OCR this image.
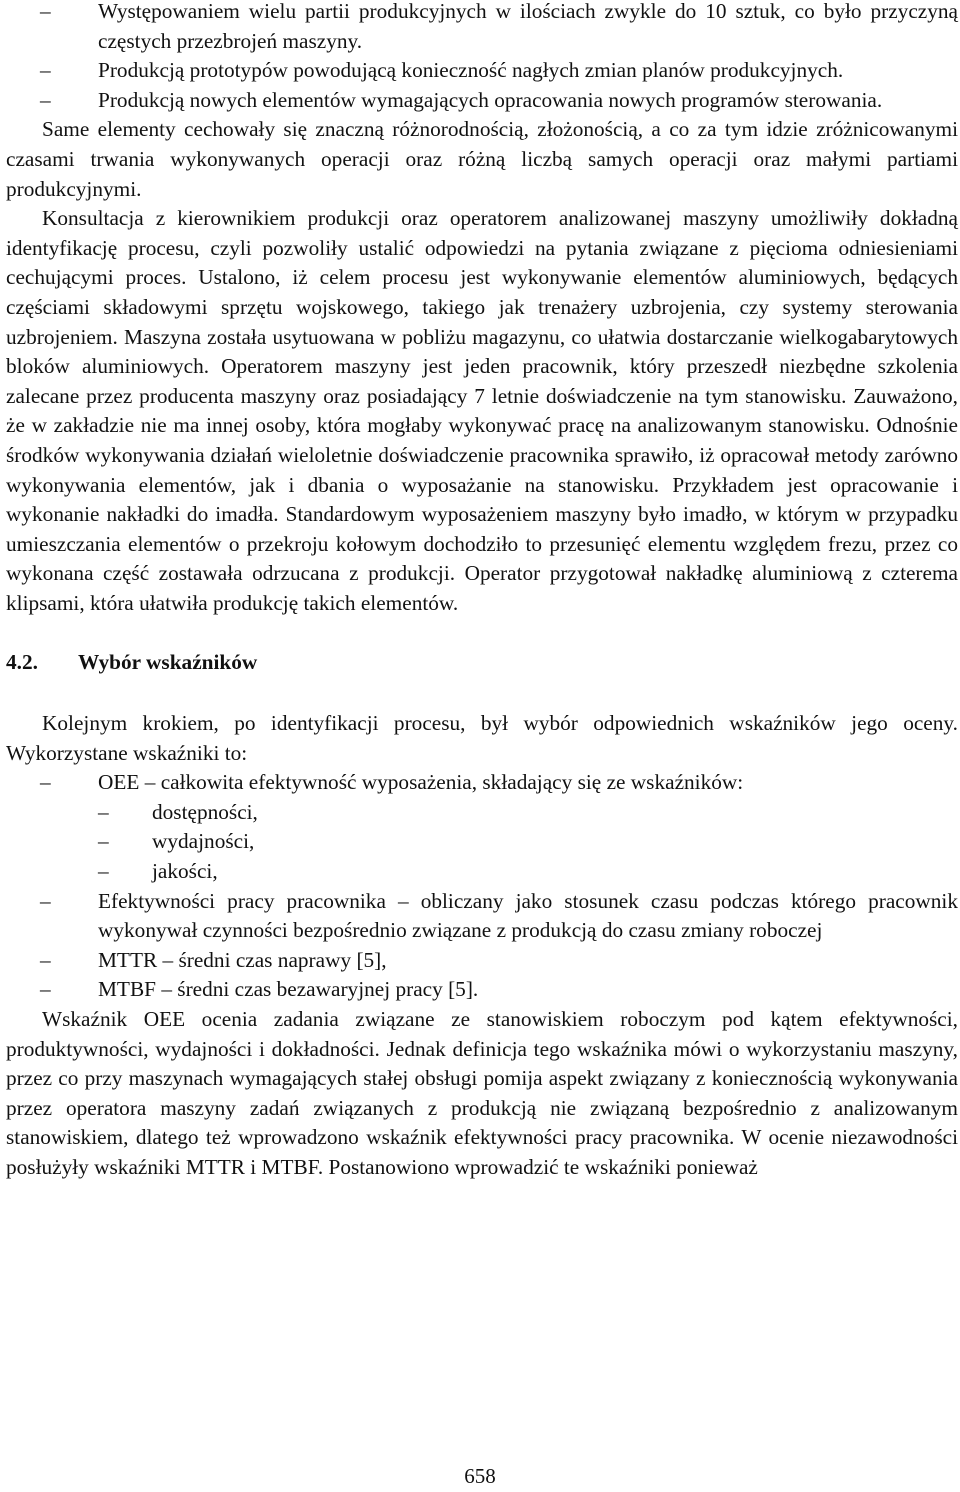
– Występowaniem wielu partii produkcyjnych w ilościach zwykle do 10 sztuk, co było przyczyną częstych przezbrojeń maszyny.
– Produkcją prototypów powodującą konieczność nagłych zmian planów produkcyjnych.
– Produkcją nowych elementów wymagających opracowania nowych programów sterowania.

Same elementy cechowały się znaczną różnorodnością, złożonością, a co za tym idzie zróżnicowanymi czasami trwania wykonywanych operacji oraz różną liczbą samych operacji oraz małymi partiami produkcyjnymi.

Konsultacja z kierownikiem produkcji oraz operatorem analizowanej maszyny umożliwiły dokładną identyfikację procesu, czyli pozwoliły ustalić odpowiedzi na pytania związane z pięcioma odniesieniami cechującymi proces. Ustalono, iż celem procesu jest wykonywanie elementów aluminiowych, będących częściami składowymi sprzętu wojskowego, takiego jak trenażery uzbrojenia, czy systemy sterowania uzbrojeniem. Maszyna została usytuowana w pobliżu magazynu, co ułatwia dostarczanie wielkogabarytowych bloków aluminiowych. Operatorem maszyny jest jeden pracownik, który przeszedł niezbędne szkolenia zalecane przez producenta maszyny oraz posiadający 7 letnie doświadczenie na tym stanowisku. Zauważono, że w zakładzie nie ma innej osoby, która mogłaby wykonywać pracę na analizowanym stanowisku. Odnośnie środków wykonywania działań wieloletnie doświadczenie pracownika sprawiło, iż opracował metody zarówno wykonywania elementów, jak i dbania o wyposażanie na stanowisku. Przykładem jest opracowanie i wykonanie nakładki do imadła. Standardowym wyposażeniem maszyny było imadło, w którym w przypadku umieszczania elementów o przekroju kołowym dochodziło to przesunięć elementu względem frezu, przez co wykonana część zostawała odrzucana z produkcji. Operator przygotował nakładkę aluminiową z czterema klipsami, która ułatwiła produkcję takich elementów.

4.2. Wybór wskaźników

Kolejnym krokiem, po identyfikacji procesu, był wybór odpowiednich wskaźników jego oceny. Wykorzystane wskaźniki to:

– OEE – całkowita efektywność wyposażenia, składający się ze wskaźników:
– dostępności,
– wydajności,
– jakości,
– Efektywności pracy pracownika – obliczany jako stosunek czasu podczas którego pracownik wykonywał czynności bezpośrednio związane z produkcją do czasu zmiany roboczej
– MTTR – średni czas naprawy [5],
– MTBF – średni czas bezawaryjnej pracy [5].

Wskaźnik OEE ocenia zadania związane ze stanowiskiem roboczym pod kątem efektywności, produktywności, wydajności i dokładności. Jednak definicja tego wskaźnika mówi o wykorzystaniu maszyny, przez co przy maszynach wymagających stałej obsługi pomija aspekt związany z koniecznością wykonywania przez operatora maszyny zadań związanych z produkcją nie związaną bezpośrednio z analizowanym stanowiskiem, dlatego też wprowadzono wskaźnik efektywności pracy pracownika. W ocenie niezawodności posłużyły wskaźniki MTTR i MTBF. Postanowiono wprowadzić te wskaźniki ponieważ

658
